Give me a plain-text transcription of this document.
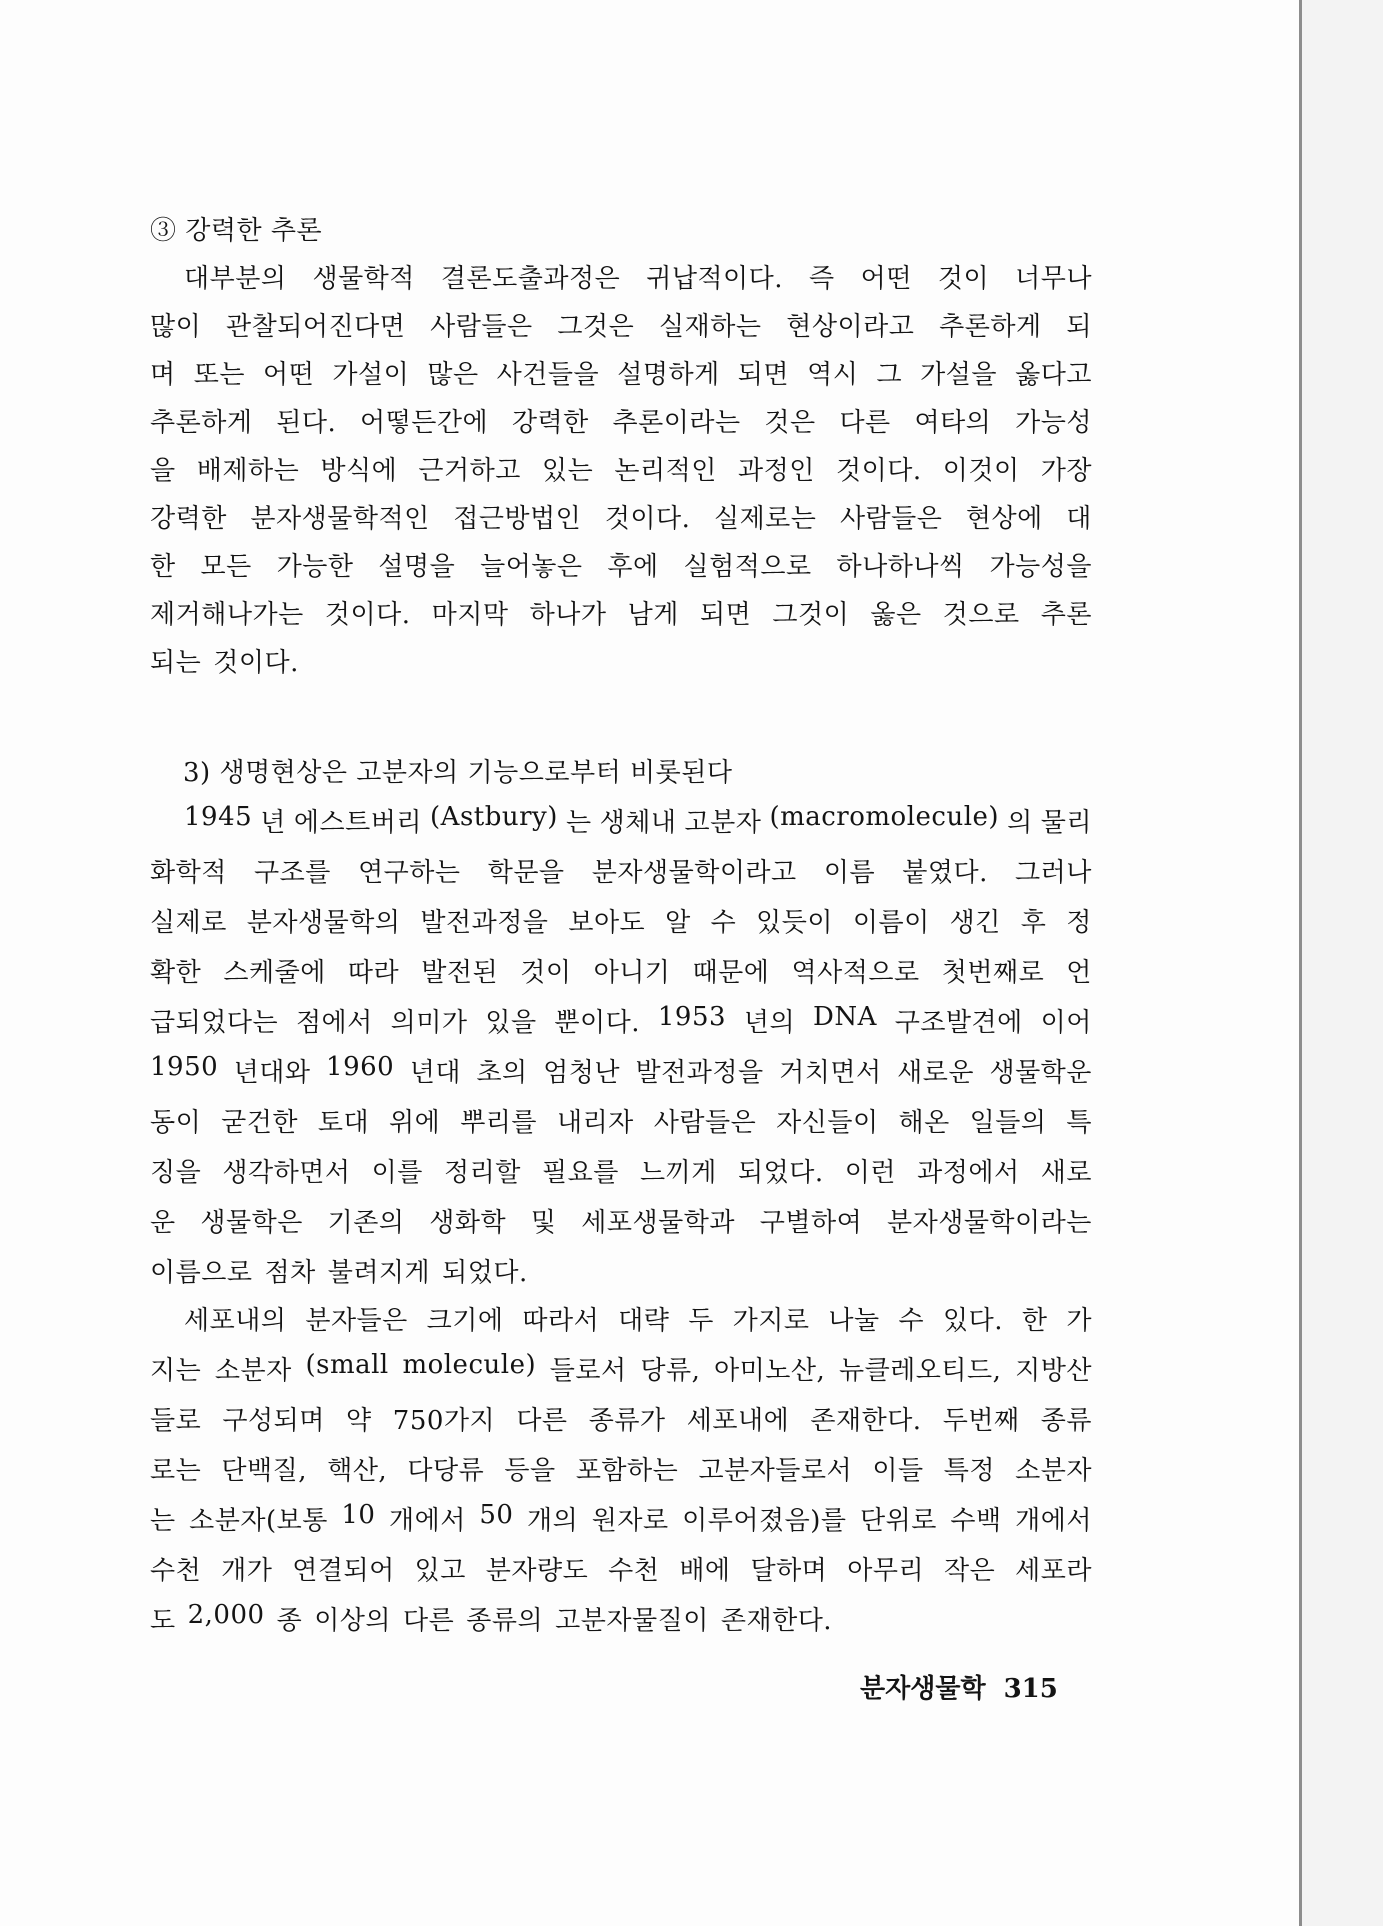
③ 강력한 추론
대부분의 생물학적 결론도출과정은 귀납적이다. 즉 어떤 것이 너무나
많이 관찰되어진다면 사람들은 그것은 실재하는 현상이라고 추론하게 되
며 또는 어떤 가설이 많은 사건들을 설명하게 되면 역시 그 가설을 옳다고
추론하게 된다. 어떻든간에 강력한 추론이라는 것은 다른 여타의 가능성
을 배제하는 방식에 근거하고 있는 논리적인 과정인 것이다. 이것이 가장
강력한 분자생물학적인 접근방법인 것이다. 실제로는 사람들은 현상에 대
한 모든 가능한 설명을 늘어놓은 후에 실험적으로 하나하나씩 가능성을
제거해나가는 것이다. 마지막 하나가 남게 되면 그것이 옳은 것으로 추론
되는 것이다.
3) 생명현상은 고분자의 기능으로부터 비롯된다
1945 년 에스트버리 (Astbury) 는 생체내 고분자 (macromolecule) 의 물리
화학적 구조를 연구하는 학문을 분자생물학이라고 이름 붙였다. 그러나
실제로 분자생물학의 발전과정을 보아도 알 수 있듯이 이름이 생긴 후 정
확한 스케줄에 따라 발전된 것이 아니기 때문에 역사적으로 첫번째로 언
급되었다는 점에서 의미가 있을 뿐이다. 1953 년의 DNA 구조발견에 이어
1950 년대와 1960 년대 초의 엄청난 발전과정을 거치면서 새로운 생물학운
동이 굳건한 토대 위에 뿌리를 내리자 사람들은 자신들이 해온 일들의 특
징을 생각하면서 이를 정리할 필요를 느끼게 되었다. 이런 과정에서 새로
운 생물학은 기존의 생화학 및 세포생물학과 구별하여 분자생물학이라는
이름으로 점차 불려지게 되었다.
세포내의 분자들은 크기에 따라서 대략 두 가지로 나눌 수 있다. 한 가
지는 소분자 (small molecule) 들로서 당류, 아미노산, 뉴클레오티드, 지방산
들로 구성되며 약 750가지 다른 종류가 세포내에 존재한다. 두번째 종류
로는 단백질, 핵산, 다당류 등을 포함하는 고분자들로서 이들 특정 소분자
는 소분자(보통 10 개에서 50 개의 원자로 이루어졌음)를 단위로 수백 개에서
수천 개가 연결되어 있고 분자량도 수천 배에 달하며 아무리 작은 세포라
도 2,000 종 이상의 다른 종류의 고분자물질이 존재한다.
분자생물학 315
